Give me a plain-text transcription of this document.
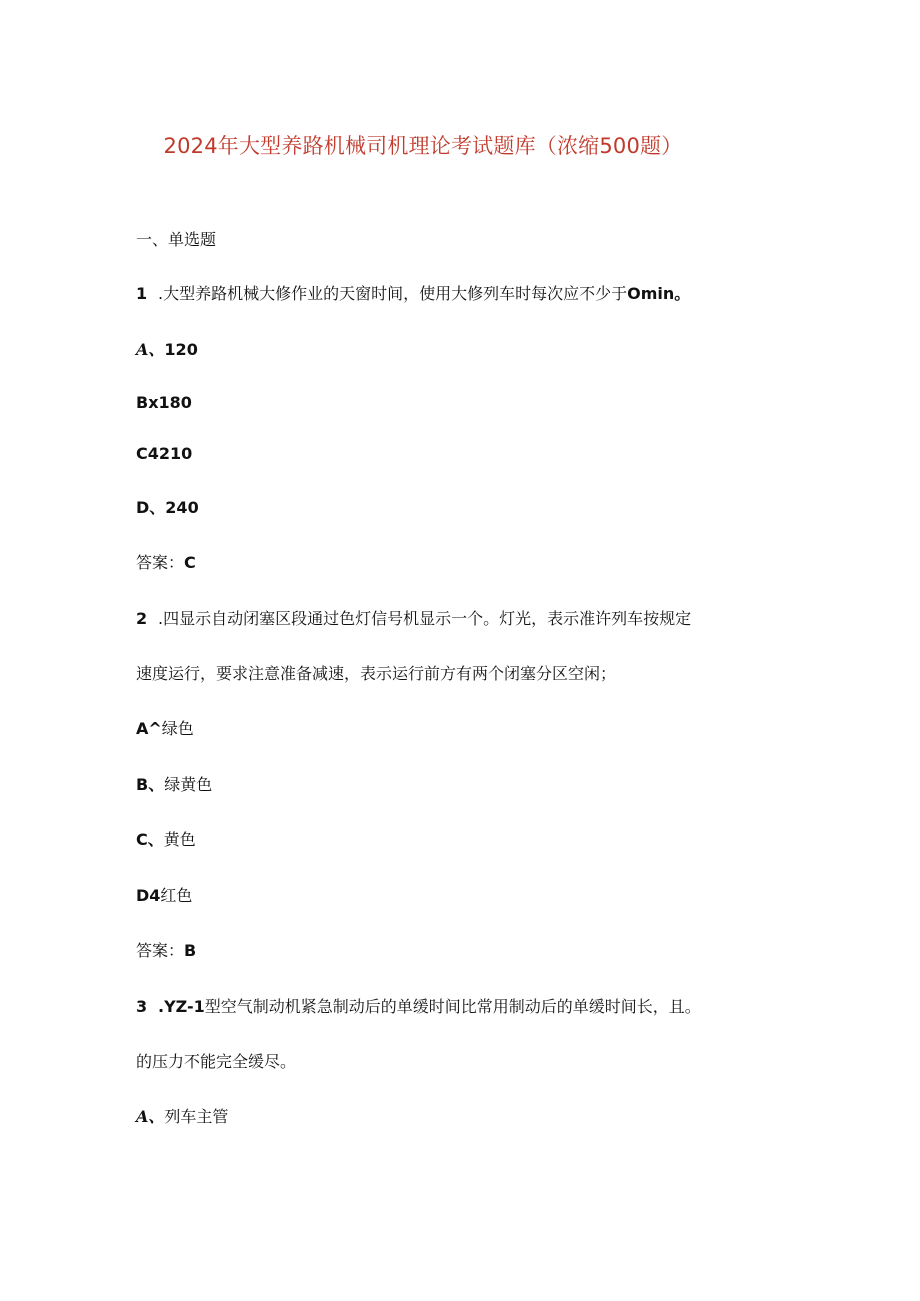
2024年大型养路机械司机理论考试题库（浓缩500题）
一、单选题
1 .大型养路机械大修作业的天窗时间，使用大修列车时每次应不少于Omin。
A、120
Bx180
C4210
D、240
答案：C
2 .四显示自动闭塞区段通过色灯信号机显示一个。灯光，表示准许列车按规定
速度运行，要求注意准备减速，表示运行前方有两个闭塞分区空闲；
A^绿色
B、绿黄色
C、黄色
D4红色
答案：B
3 .YZ-1型空气制动机紧急制动后的单缓时间比常用制动后的单缓时间长，且。
的压力不能完全缓尽。
A、列车主管
